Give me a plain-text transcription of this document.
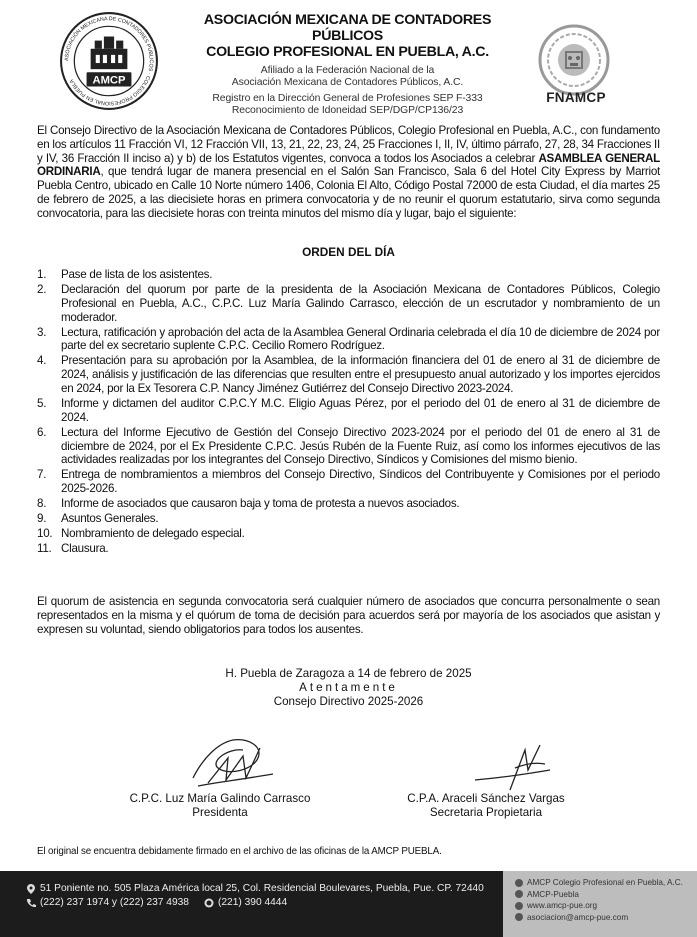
ASOCIACIÓN MEXICANA DE CONTADORES PÚBLICOS · COLEGIO PROFESIONAL EN PUEBLA	AMCP
ASOCIACIÓN MEXICANA DE CONTADORES PÚBLICOS
COLEGIO PROFESIONAL EN PUEBLA, A.C.
Afiliado a la Federación Nacional de la
Asociación Mexicana de Contadores Públicos, A.C.
Registro en la Dirección General de Profesiones SEP F-333
Reconocimiento de Idoneidad SEP/DGP/CP136/23
FNAMCP

El Consejo Directivo de la Asociación Mexicana de Contadores Públicos, Colegio Profesional en Puebla, A.C., con fundamento en los artículos 11 Fracción VI, 12 Fracción VII, 13, 21, 22, 23, 24, 25 Fracciones I, II, IV, último párrafo, 27, 28, 34 Fracciones II y IV, 36 Fracción II inciso a) y b) de los Estatutos vigentes, convoca a todos los Asociados a celebrar ASAMBLEA GENERAL ORDINARIA, que tendrá lugar de manera presencial en el Salón San Francisco, Sala 6 del Hotel City Express by Marriot Puebla Centro, ubicado en Calle 10 Norte número 1406, Colonia El Alto, Código Postal 72000 de esta Ciudad, el día martes 25 de febrero de 2025, a las diecisiete horas en primera convocatoria y de no reunir el quorum estatutario, sirva como segunda convocatoria, para las diecisiete horas con treinta minutos del mismo día y lugar, bajo el siguiente:

ORDEN DEL DÍA
1.	Pase de lista de los asistentes.
2.	Declaración del quorum por parte de la presidenta de la Asociación Mexicana de Contadores Públicos, Colegio Profesional en Puebla, A.C., C.P.C. Luz María Galindo Carrasco, elección de un escrutador y nombramiento de un moderador.
3.	Lectura, ratificación y aprobación del acta de la Asamblea General Ordinaria celebrada el día 10 de diciembre de 2024 por parte del ex secretario suplente C.P.C. Cecilio Romero Rodríguez.
4.	Presentación para su aprobación por la Asamblea, de la información financiera del 01 de enero al 31 de diciembre de 2024, análisis y justificación de las diferencias que resulten entre el presupuesto anual autorizado y los importes ejercidos en 2024, por la Ex Tesorera C.P. Nancy Jiménez Gutiérrez del Consejo Directivo 2023-2024.
5.	Informe y dictamen del auditor C.P.C.Y M.C. Eligio Aguas Pérez, por el periodo del 01 de enero al 31 de diciembre de 2024.
6.	Lectura del Informe Ejecutivo de Gestión del Consejo Directivo 2023-2024 por el periodo del 01 de enero al 31 de diciembre de 2024, por el Ex Presidente C.P.C. Jesús Rubén de la Fuente Ruiz, así como los informes ejecutivos de las actividades realizadas por los integrantes del Consejo Directivo, Síndicos y Comisiones del mismo bienio.
7.	Entrega de nombramientos a miembros del Consejo Directivo, Síndicos del Contribuyente y Comisiones por el periodo 2025-2026.
8.	Informe de asociados que causaron baja y toma de protesta a nuevos asociados.
9.	Asuntos Generales.
10. Nombramiento de delegado especial.
11. Clausura.

El quorum de asistencia en segunda convocatoria será cualquier número de asociados que concurra personalmente o sean representados en la misma y el quórum de toma de decisión para acuerdos será por mayoría de los asociados que asistan y expresen su voluntad, siendo obligatorios para todos los ausentes.

H. Puebla de Zaragoza a 14 de febrero de 2025
Atentamente
Consejo Directivo 2025-2026
C.P.C. Luz María Galindo Carrasco
Presidenta
C.P.A. Araceli Sánchez Vargas
Secretaria Propietaria
El original se encuentra debidamente firmado en el archivo de las oficinas de la AMCP PUEBLA.
51 Poniente no. 505 Plaza América local 25, Col. Residencial Boulevares, Puebla, Pue. CP. 72440
(222) 237 1974 y (222) 237 4938	(221) 390 4444
AMCP Colegio Profesional en Puebla, A.C.
AMCP-Puebla
www.amcp-pue.org
asociacion@amcp-pue.com
